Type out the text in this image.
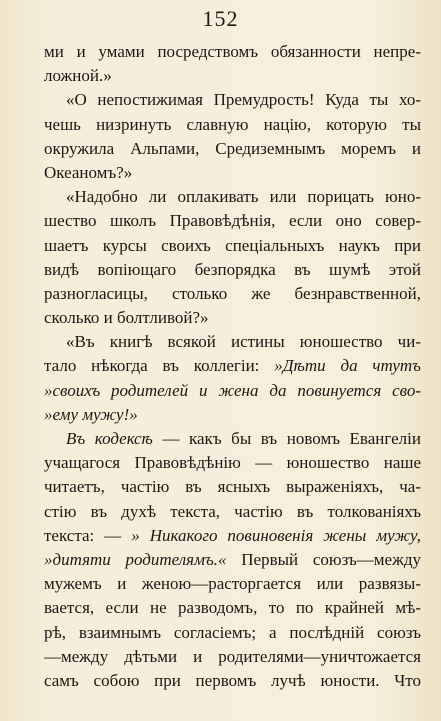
152
ми и умами посредствомъ обязанности непре-
ложной.»
«О непостижимая Премудрость! Куда ты хо-
чешь низринуть славную націю, которую ты
окружила Альпами, Средиземнымъ моремъ и
Океаномъ?»
«Надобно ли оплакивать или порицать юно-
шество школъ Правовѣдѣнія, если оно совер-
шаетъ курсы своихъ спеціальныхъ наукъ при
видѣ вопіющаго безпорядка въ шумѣ этой
разногласицы, столько же безнравственной,
сколько и болтливой?»
«Въ книгѣ всякой истины юношество чи-
тало нѣкогда въ коллегіи: »Дѣти да чтутъ
»своихъ родителей и жена да повинуется сво-
»ему мужу!»
Въ кодексѣ — какъ бы въ новомъ Евангеліи
учащагося Правовѣдѣнію — юношество наше
читаетъ, частію въ ясныхъ выраженіяхъ, ча-
стію въ духѣ текста, частію въ толкованіяхъ
текста: — » Никакого повиновенія жены мужу,
»дитяти родителямъ.« Первый союзъ—между
мужемъ и женою—расторгается или развязы-
вается, если не разводомъ, то по крайней мѣ-
рѣ, взаимнымъ согласіемъ; а послѣдній союзъ
—между дѣтьми и родителями—уничтожается
самъ собою при первомъ лучѣ юности. Что
